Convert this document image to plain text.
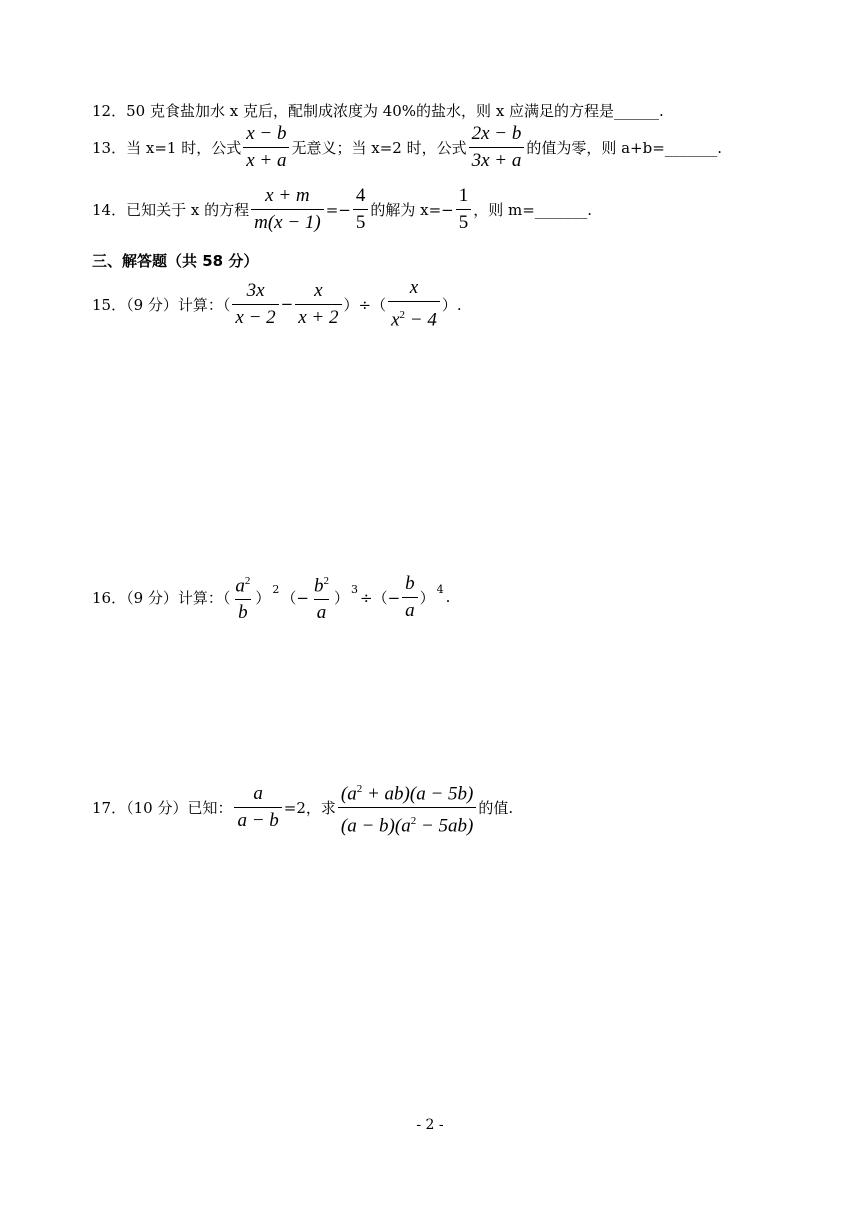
12．50 克食盐加水 x 克后，配制成浓度为 40%的盐水，则 x 应满足的方程是______.
13．当 x=1 时，公式 $\frac{x - b}{x + a}$ 无意义；当 x=2 时，公式 $\frac{2x - b}{3x + a}$ 的值为零，则 a+b=_______.
14．已知关于 x 的方程 $\frac{x + m}{m(x - 1)} =- \frac{4}{5}$ 的解为 $x=- \frac{1}{5}$ ，则 m=_______.
三、解答题（共 58 分）
15．（9 分）计算：（ $\frac{3x}{x - 2} - \frac{x}{x + 2}$ ）÷（ $\frac{x}{x^2 - 4}$ ）.
16．（9 分）计算：（ $\frac{a^2}{b}$ ） 2 （− $\frac{b^2}{a}$ ） 3 ÷（− $\frac{b}{a}$ ） 4 .
17．（10 分）已知： $\frac{a}{a - b} =2$，求 $\frac{(a^2 + ab)(a - 5b)}{(a - b)(a^2 - 5ab)}$ 的值.
- 2 -
